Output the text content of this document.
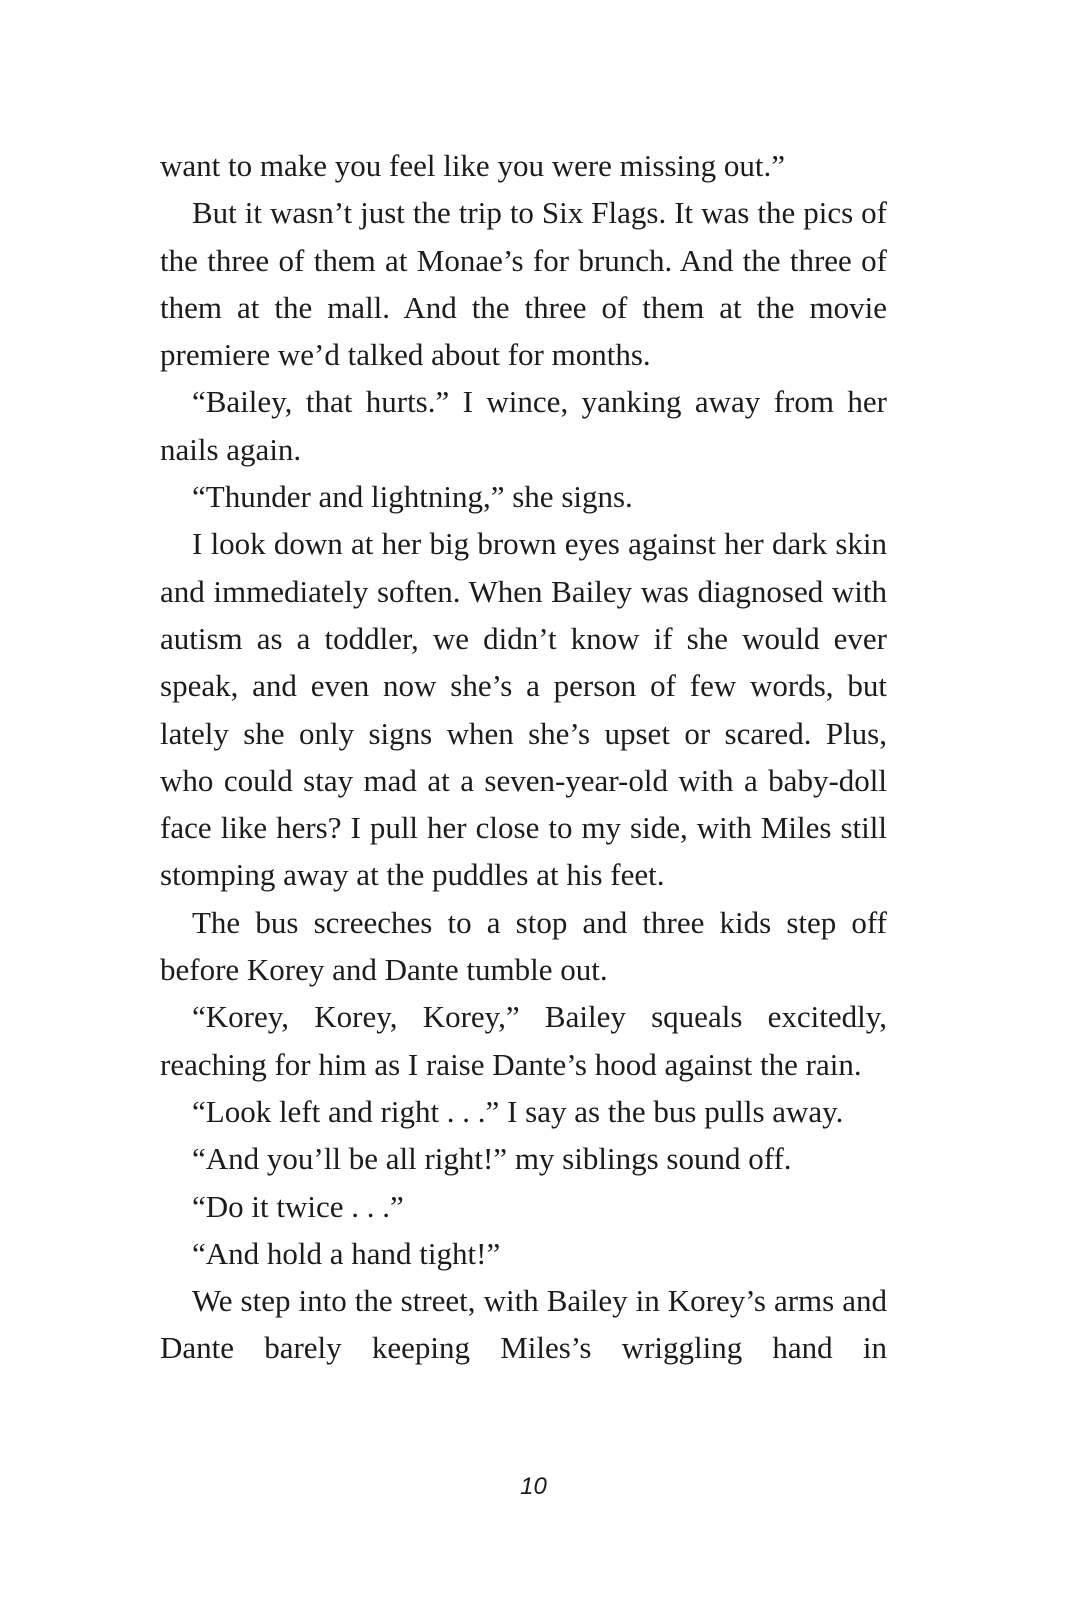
want to make you feel like you were missing out.”

But it wasn’t just the trip to Six Flags. It was the pics of the three of them at Monae’s for brunch. And the three of them at the mall. And the three of them at the movie premiere we’d talked about for months.

“Bailey, that hurts.” I wince, yanking away from her nails again.

“Thunder and lightning,” she signs.

I look down at her big brown eyes against her dark skin and immediately soften. When Bailey was diagnosed with autism as a toddler, we didn’t know if she would ever speak, and even now she’s a person of few words, but lately she only signs when she’s upset or scared. Plus, who could stay mad at a seven-year-old with a baby-doll face like hers? I pull her close to my side, with Miles still stomping away at the puddles at his feet.

The bus screeches to a stop and three kids step off before Korey and Dante tumble out.

“Korey, Korey, Korey,” Bailey squeals excitedly, reaching for him as I raise Dante’s hood against the rain.

“Look left and right . . .” I say as the bus pulls away.

“And you’ll be all right!” my siblings sound off.

“Do it twice . . .”

“And hold a hand tight!”

We step into the street, with Bailey in Korey’s arms and Dante barely keeping Miles’s wriggling hand in

10
